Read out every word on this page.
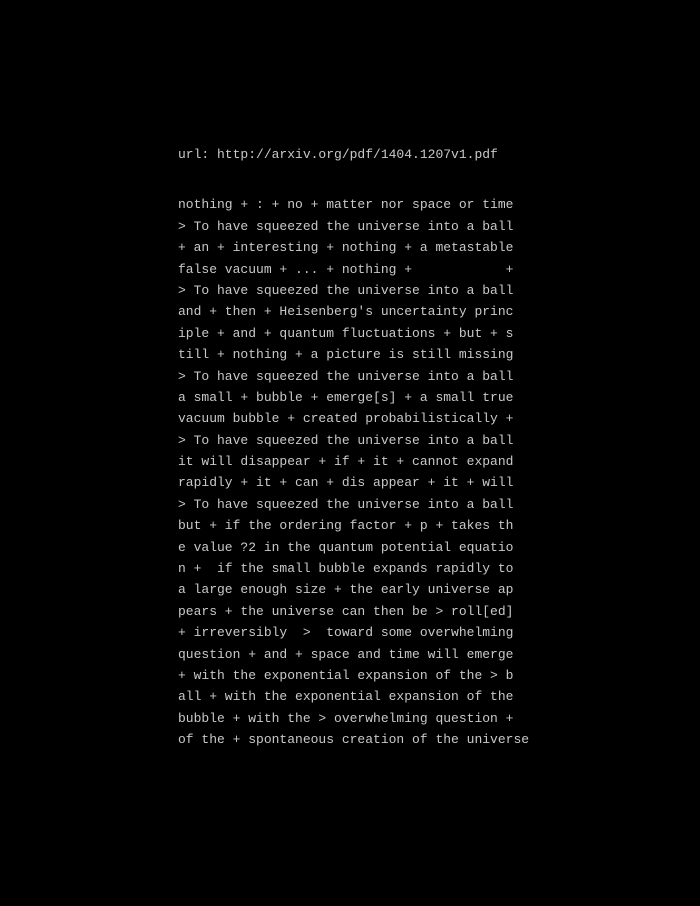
url: http://arxiv.org/pdf/1404.1207v1.pdf
nothing + : + no + matter nor space or time
> To have squeezed the universe into a ball
+ an + interesting + nothing + a metastable
false vacuum + ... + nothing +            +
> To have squeezed the universe into a ball
and + then + Heisenberg's uncertainty princ
iple + and + quantum fluctuations + but + s
till + nothing + a picture is still missing
> To have squeezed the universe into a ball
a small + bubble + emerge[s] + a small true
vacuum bubble + created probabilistically +
> To have squeezed the universe into a ball
it will disappear + if + it + cannot expand
rapidly + it + can + dis appear + it + will
> To have squeezed the universe into a ball
but + if the ordering factor + p + takes th
e value ?2 in the quantum potential equatio
n +  if the small bubble expands rapidly to
a large enough size + the early universe ap
pears + the universe can then be > roll[ed]
+ irreversibly  >  toward some overwhelming
question + and + space and time will emerge
+ with the exponential expansion of the > b
all + with the exponential expansion of the
bubble + with the > overwhelming question +
of the + spontaneous creation of the universe
